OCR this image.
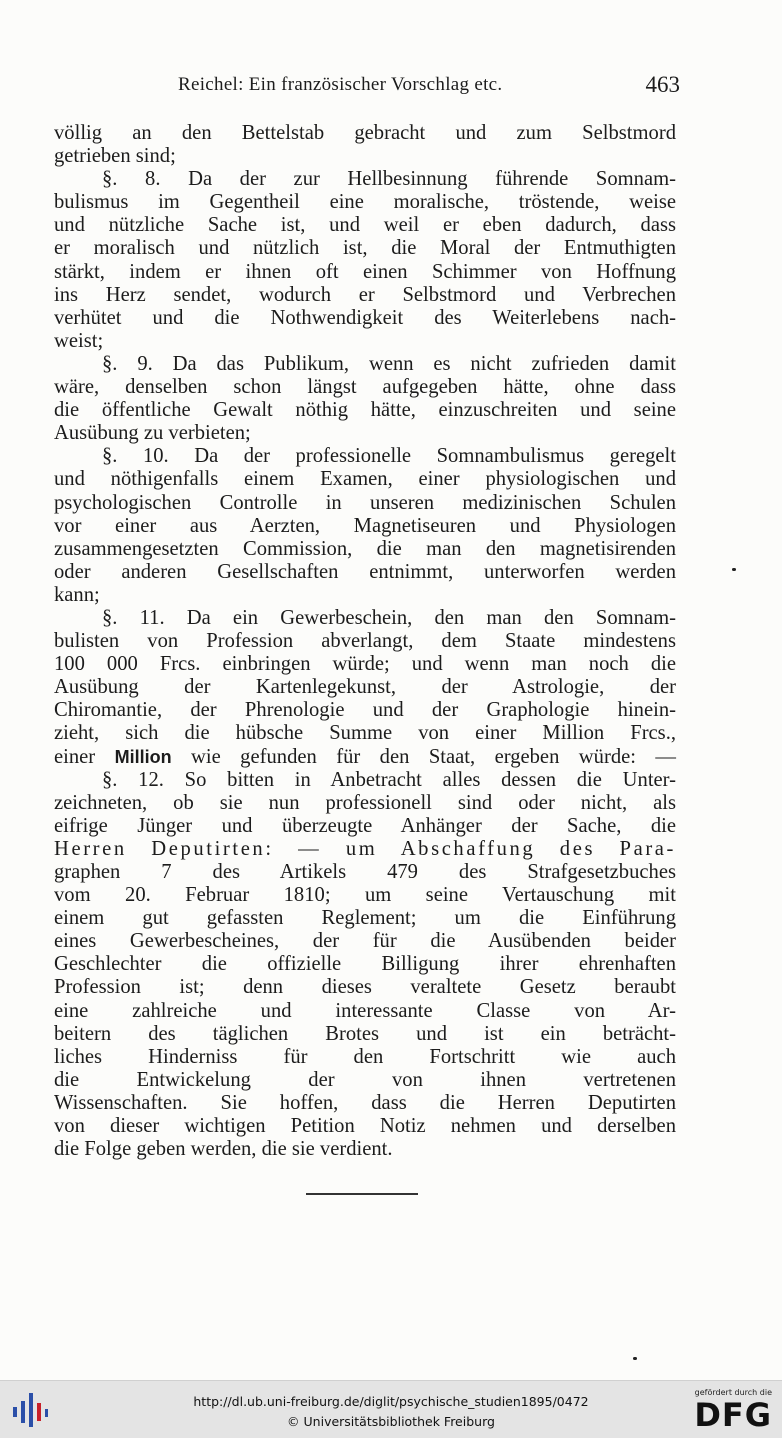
Reichel: Ein französischer Vorschlag etc.	463
völlig an den Bettelstab gebracht und zum Selbstmord
getrieben sind;
§. 8. Da der zur Hellbesinnung führende Somnam-
bulismus im Gegentheil eine moralische, tröstende, weise
und nützliche Sache ist, und weil er eben dadurch, dass
er moralisch und nützlich ist, die Moral der Entmuthigten
stärkt, indem er ihnen oft einen Schimmer von Hoffnung
ins Herz sendet, wodurch er Selbstmord und Verbrechen
verhütet und die Nothwendigkeit des Weiterlebens nach-
weist;
§. 9. Da das Publikum, wenn es nicht zufrieden damit
wäre, denselben schon längst aufgegeben hätte, ohne dass
die öffentliche Gewalt nöthig hätte, einzuschreiten und seine
Ausübung zu verbieten;
§. 10. Da der professionelle Somnambulismus geregelt
und nöthigenfalls einem Examen, einer physiologischen und
psychologischen Controlle in unseren medizinischen Schulen
vor einer aus Aerzten, Magnetiseuren und Physiologen
zusammengesetzten Commission, die man den magnetisirenden
oder anderen Gesellschaften entnimmt, unterworfen werden
kann;
§. 11. Da ein Gewerbeschein, den man den Somnam-
bulisten von Profession abverlangt, dem Staate mindestens
100 000 Frcs. einbringen würde; und wenn man noch die
Ausübung der Kartenlegekunst, der Astrologie, der
Chiromantie, der Phrenologie und der Graphologie hinein-
zieht, sich die hübsche Summe von einer Million Frcs.,
einer Million wie gefunden für den Staat, ergeben würde: —
§. 12. So bitten in Anbetracht alles dessen die Unter-
zeichneten, ob sie nun professionell sind oder nicht, als
eifrige Jünger und überzeugte Anhänger der Sache, die
Herren Deputirten: — um Abschaffung des Para-
graphen 7 des Artikels 479 des Strafgesetzbuches
vom 20. Februar 1810; um seine Vertauschung mit
einem gut gefassten Reglement; um die Einführung
eines Gewerbescheines, der für die Ausübenden beider
Geschlechter die offizielle Billigung ihrer ehrenhaften
Profession ist; denn dieses veraltete Gesetz beraubt
eine zahlreiche und interessante Classe von Ar-
beitern des täglichen Brotes und ist ein beträcht-
liches Hinderniss für den Fortschritt wie auch
die Entwickelung der von ihnen vertretenen
Wissenschaften. Sie hoffen, dass die Herren Deputirten
von dieser wichtigen Petition Notiz nehmen und derselben
die Folge geben werden, die sie verdient.
http://dl.ub.uni-freiburg.de/diglit/psychische_studien1895/0472
© Universitätsbibliothek Freiburg
gefördert durch die
DFG
